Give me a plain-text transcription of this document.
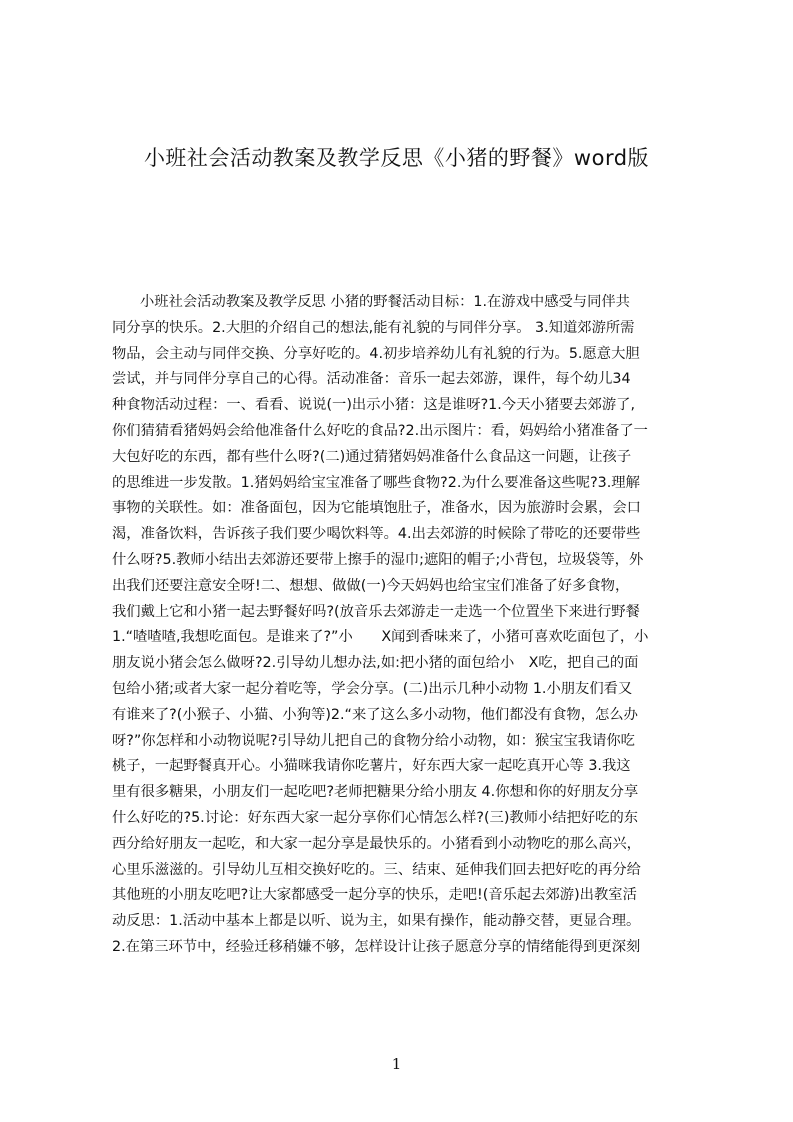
小班社会活动教案及教学反思《小猪的野餐》word版
小班社会活动教案及教学反思 小猪的野餐活动目标：1.在游戏中感受与同伴共
同分享的快乐。2.大胆的介绍自己的想法,能有礼貌的与同伴分享。 3.知道郊游所需
物品，会主动与同伴交换、分享好吃的。4.初步培养幼儿有礼貌的行为。5.愿意大胆
尝试，并与同伴分享自己的心得。活动准备：音乐一起去郊游，课件，每个幼儿34
种食物活动过程：一、看看、说说(一)出示小猪：这是谁呀?1.今天小猪要去郊游了,
你们猜猜看猪妈妈会给他准备什么好吃的食品?2.出示图片：看，妈妈给小猪准备了一
大包好吃的东西，都有些什么呀?(二)通过猜猪妈妈准备什么食品这一问题，让孩子
的思维进一步发散。1.猪妈妈给宝宝准备了哪些食物?2.为什么要准备这些呢?3.理解
事物的关联性。如：准备面包，因为它能填饱肚子，准备水，因为旅游时会累，会口
渴，准备饮料，告诉孩子我们要少喝饮料等。4.出去郊游的时候除了带吃的还要带些
什么呀?5.教师小结出去郊游还要带上擦手的湿巾;遮阳的帽子;小背包，垃圾袋等，外
出我们还要注意安全呀!二、想想、做做(一)今天妈妈也给宝宝们准备了好多食物，
我们戴上它和小猪一起去野餐好吗?(放音乐去郊游走一走选一个位置坐下来进行野餐
1.“喳喳喳,我想吃面包。是谁来了?”小　　X闻到香味来了，小猪可喜欢吃面包了，小
朋友说小猪会怎么做呀?2.引导幼儿想办法,如:把小猪的面包给小　X吃，把自己的面
包给小猪;或者大家一起分着吃等，学会分享。(二)出示几种小动物 1.小朋友们看又
有谁来了?(小猴子、小猫、小狗等)2.“来了这么多小动物，他们都没有食物，怎么办
呀?”你怎样和小动物说呢?引导幼儿把自己的食物分给小动物，如：猴宝宝我请你吃
桃子，一起野餐真开心。小猫咪我请你吃薯片，好东西大家一起吃真开心等 3.我这
里有很多糖果，小朋友们一起吃吧?老师把糖果分给小朋友 4.你想和你的好朋友分享
什么好吃的?5.讨论：好东西大家一起分享你们心情怎么样?(三)教师小结把好吃的东
西分给好朋友一起吃，和大家一起分享是最快乐的。小猪看到小动物吃的那么高兴，
心里乐滋滋的。引导幼儿互相交换好吃的。三、结束、延伸我们回去把好吃的再分给
其他班的小朋友吃吧?让大家都感受一起分享的快乐，走吧!(音乐起去郊游)出教室活
动反思：1.活动中基本上都是以听、说为主，如果有操作，能动静交替，更显合理。
2.在第三环节中，经验迁移稍嫌不够，怎样设计让孩子愿意分享的情绪能得到更深刻
1
